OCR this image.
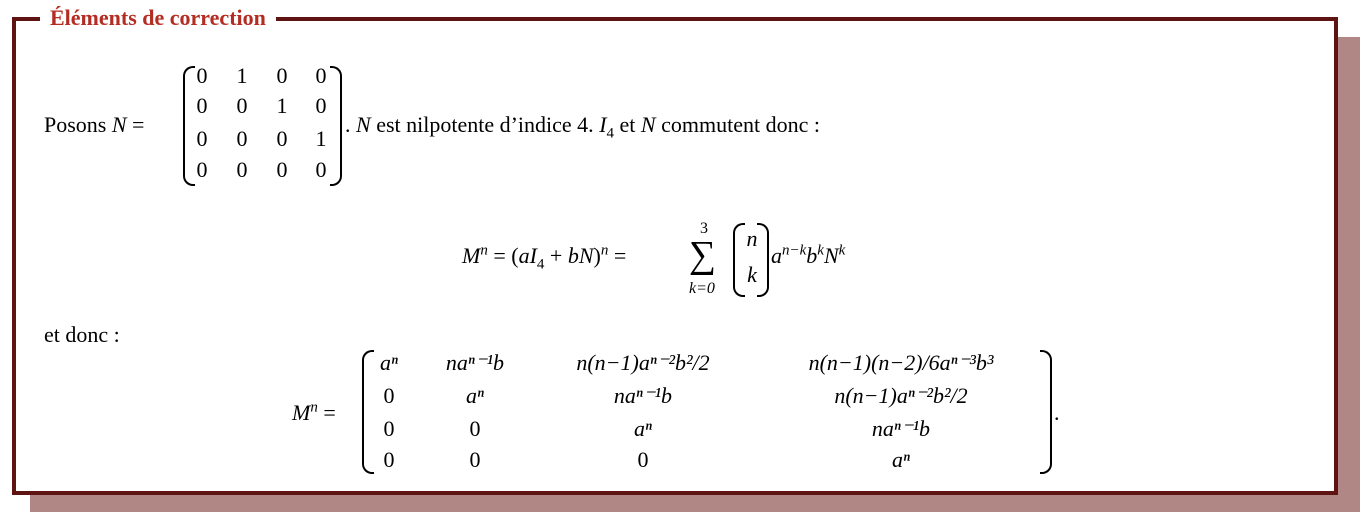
Éléments de correction
Posons N =
0 1 0 0
0 0 1 0
0 0 0 1
0 0 0 0
. N est nilpotente d’indice 4. $I_4$ et N commutent donc :
$M^n = (aI_4 + bN)^n$ =
3
∑
k=0
n
k
$a^{n-k}b^kN^k$
et donc :
$M^n$ =
aⁿ	naⁿ⁻¹b	n(n−1)aⁿ⁻²b²/2	n(n−1)(n−2)/6aⁿ⁻³b³
0	aⁿ	naⁿ⁻¹b	n(n−1)aⁿ⁻²b²/2
0	0	aⁿ	naⁿ⁻¹b
0	0	0	aⁿ
.
